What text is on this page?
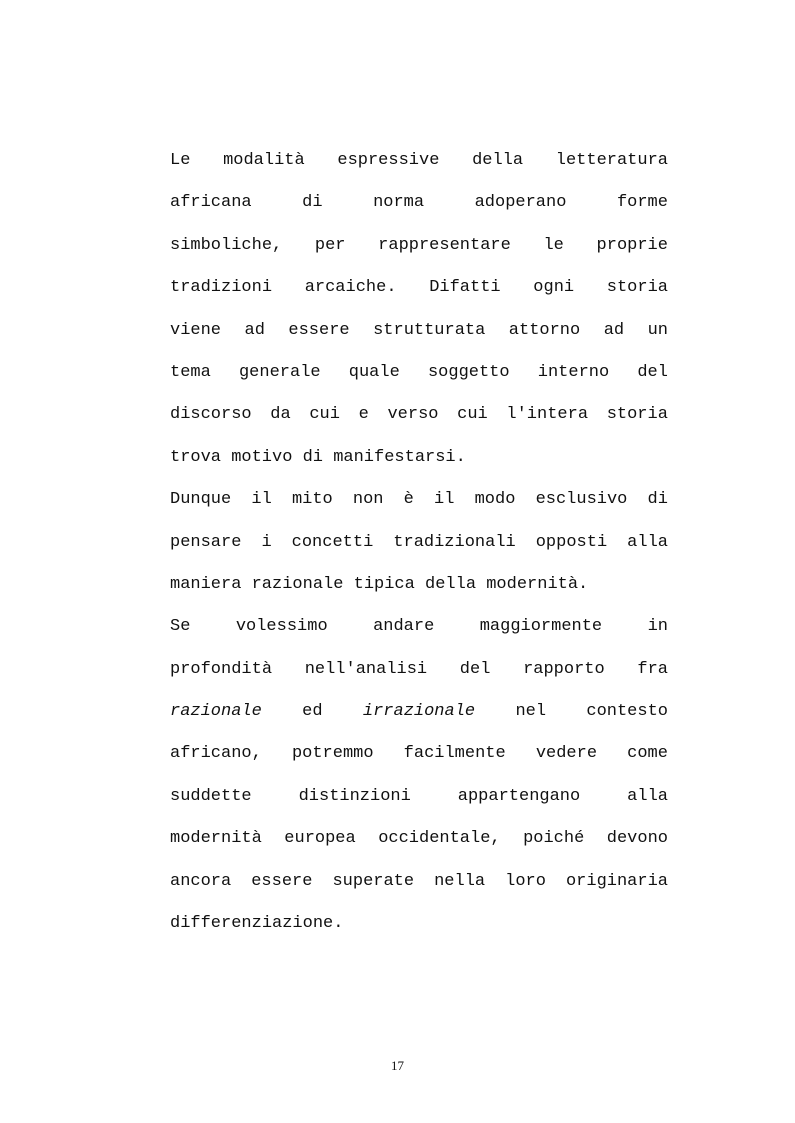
Le modalità espressive della letteratura
africana	di	norma	adoperano	forme
simboliche, per rappresentare le proprie
tradizioni arcaiche. Difatti ogni storia
viene ad essere strutturata attorno ad un
tema generale quale soggetto interno del
discorso da cui e verso cui l'intera storia
trova motivo di manifestarsi.
Dunque il mito non è il modo esclusivo di
pensare i concetti tradizionali opposti alla
maniera razionale tipica della modernità.
Se	volessimo	andare	maggiormente	in
profondità nell'analisi del rapporto fra
razionale ed irrazionale nel contesto
africano, potremmo facilmente vedere come
suddette	distinzioni	appartengano	alla
modernità europea occidentale, poiché devono
ancora essere superate nella loro originaria
differenziazione.
17
